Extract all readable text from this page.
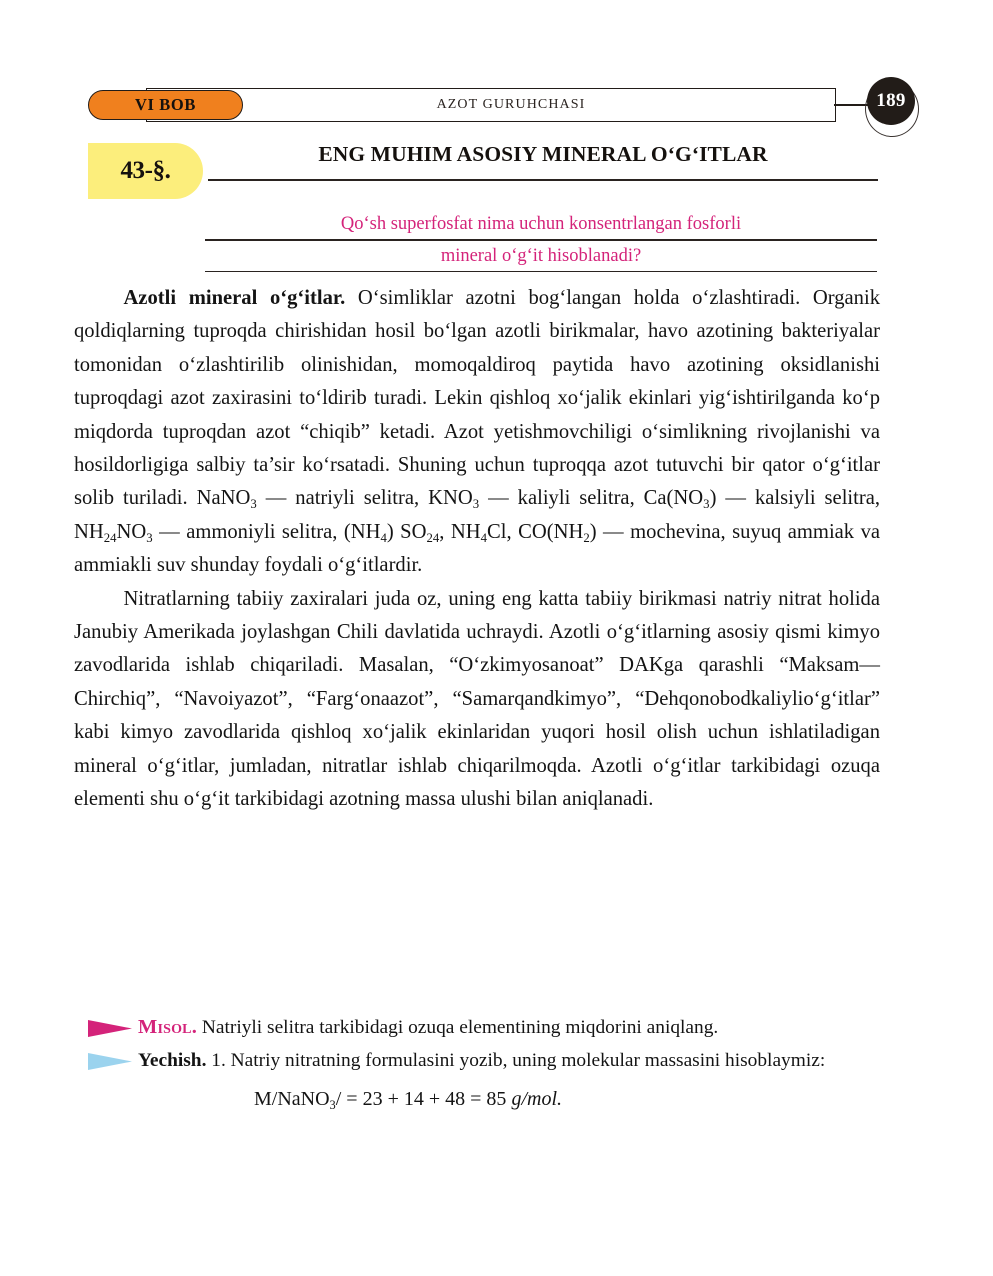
AZOT GURUHCHASI
VI BOB	189
43-§.
ENG MUHIM ASOSIY MINERAL O‘G‘ITLAR
Qo‘sh superfosfat nima uchun konsentrlangan fosforli
mineral o‘g‘it hisoblanadi?

Azotli mineral o‘g‘itlar. O‘simliklar azotni bog‘langan holda o‘zlashtiradi. Organik qoldiqlarning tuproqda chirishidan hosil bo‘lgan azotli birikmalar, havo azotining bakteriyalar tomonidan o‘zlashtirilib olinishidan, momoqaldiroq paytida havo azotining oksidlanishi tuproqdagi azot zaxirasini to‘ldirib turadi. Lekin qishloq xo‘jalik ekinlari yig‘ishtirilganda ko‘p miqdorda tuproqdan azot “chiqib” ketadi. Azot yetishmovchiligi o‘simlikning rivojlanishi va hosildorligiga salbiy ta’sir ko‘rsatadi. Shuning uchun tuproqqa azot tutuvchi bir qator o‘g‘itlar solib turiladi. NaNO$_3$ — natriyli selitra, $KNO_3$ — kaliyli selitra, $Ca(NO_3)$ — kalsiyli selitra, $NH_{24}NO_3$ — ammoniyli selitra, $(NH_4)$ $SO_{24}$, $NH_4Cl$, $CO(NH_2)$ — mochevina, suyuq ammiak va ammiakli suv shunday foydali o‘g‘itlardir.

Nitratlarning tabiiy zaxiralari juda oz, uning eng katta tabiiy birikmasi natriy nitrat holida Janubiy Amerikada joylashgan Chili davlatida uchraydi. Azotli o‘g‘itlarning asosiy qismi kimyo zavodlarida ishlab chiqariladi. Masalan, “O‘zkimyosanoat” DAKga qarashli “Maksam—Chirchiq”, “Navoiyazot”, “Farg‘onaazot”, “Samarqandkimyo”, “Dehqonobodkaliylio‘g‘itlar” kabi kimyo zavodlarida qishloq xo‘jalik ekinlaridan yuqori hosil olish uchun ishlatiladigan mineral o‘g‘itlar, jumladan, nitratlar ishlab chiqarilmoqda. Azotli o‘g‘itlar tarkibidagi ozuqa elementi shu o‘g‘it tarkibidagi azotning massa ulushi bilan aniqlanadi.

Misol. Natriyli selitra tarkibidagi ozuqa elementining miqdorini aniqlang.
Yechish. 1. Natriy nitratning formulasini yozib, uning molekular massasini hisoblaymiz:
M/NaNO$_3$/ = 23 + 14 + 48 = 85 g/mol.
